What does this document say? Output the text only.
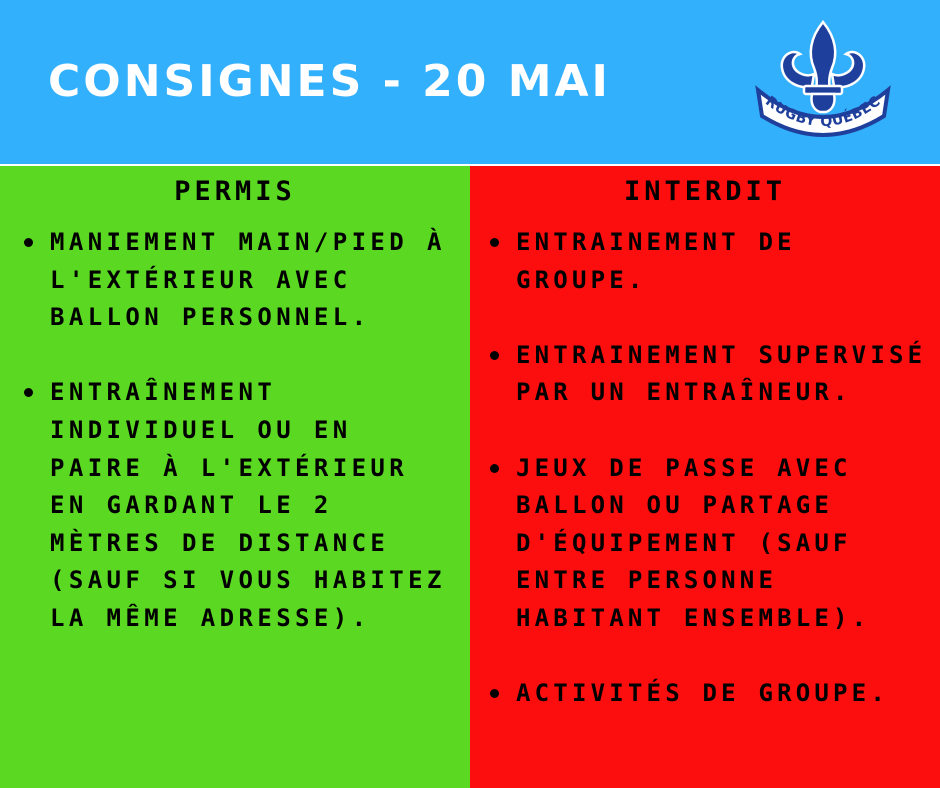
CONSIGNES - 20 MAI	RUGBY QUÉBEC
PERMIS
MANIEMENT MAIN/PIED À L'EXTÉRIEUR AVEC BALLON PERSONNEL.
ENTRAÎNEMENT INDIVIDUEL OU EN PAIRE À L'EXTÉRIEUR EN GARDANT LE 2 MÈTRES DE DISTANCE (SAUF SI VOUS HABITEZ LA MÊME ADRESSE).
INTERDIT
ENTRAINEMENT DE GROUPE.
ENTRAINEMENT SUPERVISÉ PAR UN ENTRAÎNEUR.
JEUX DE PASSE AVEC BALLON OU PARTAGE D'ÉQUIPEMENT (SAUF ENTRE PERSONNE HABITANT ENSEMBLE).
ACTIVITÉS DE GROUPE.
